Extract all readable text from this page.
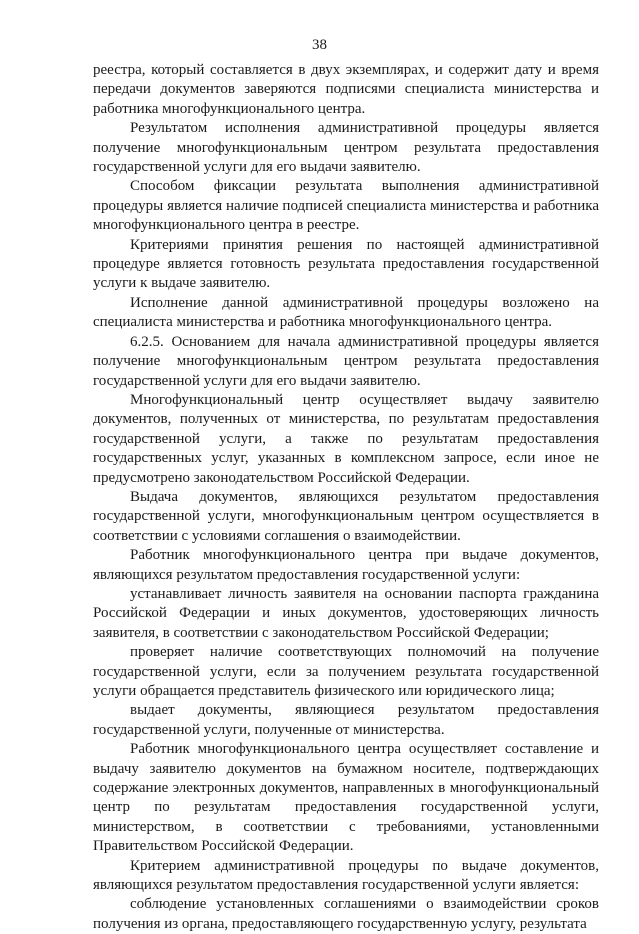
38

реестра, который составляется в двух экземплярах, и содержит дату и время передачи документов заверяются подписями специалиста министерства и работника многофункционального центра.

Результатом исполнения административной процедуры является получение многофункциональным центром результата предоставления государственной услуги для его выдачи заявителю.

Способом фиксации результата выполнения административной процедуры является наличие подписей специалиста министерства и работника многофункционального центра в реестре.

Критериями принятия решения по настоящей административной процедуре является готовность результата предоставления государственной услуги к выдаче заявителю.

Исполнение данной административной процедуры возложено на специалиста министерства и работника многофункционального центра.

6.2.5. Основанием для начала административной процедуры является получение многофункциональным центром результата предоставления государственной услуги для его выдачи заявителю.

Многофункциональный центр осуществляет выдачу заявителю документов, полученных от министерства, по результатам предоставления государственной услуги, а также по результатам предоставления государственных услуг, указанных в комплексном запросе, если иное не предусмотрено законодательством Российской Федерации.

Выдача документов, являющихся результатом предоставления государственной услуги, многофункциональным центром осуществляется в соответствии с условиями соглашения о взаимодействии.

Работник многофункционального центра при выдаче документов, являющихся результатом предоставления государственной услуги:

устанавливает личность заявителя на основании паспорта гражданина Российской Федерации и иных документов, удостоверяющих личность заявителя, в соответствии с законодательством Российской Федерации;

проверяет наличие соответствующих полномочий на получение государственной услуги, если за получением результата государственной услуги обращается представитель физического или юридического лица;

выдает документы, являющиеся результатом предоставления государственной услуги, полученные от министерства.

Работник многофункционального центра осуществляет составление и выдачу заявителю документов на бумажном носителе, подтверждающих содержание электронных документов, направленных в многофункциональный центр по результатам предоставления государственной услуги, министерством, в соответствии с требованиями, установленными Правительством Российской Федерации.

Критерием административной процедуры по выдаче документов, являющихся результатом предоставления государственной услуги является:

соблюдение установленных соглашениями о взаимодействии сроков получения из органа, предоставляющего государственную услугу, результата
